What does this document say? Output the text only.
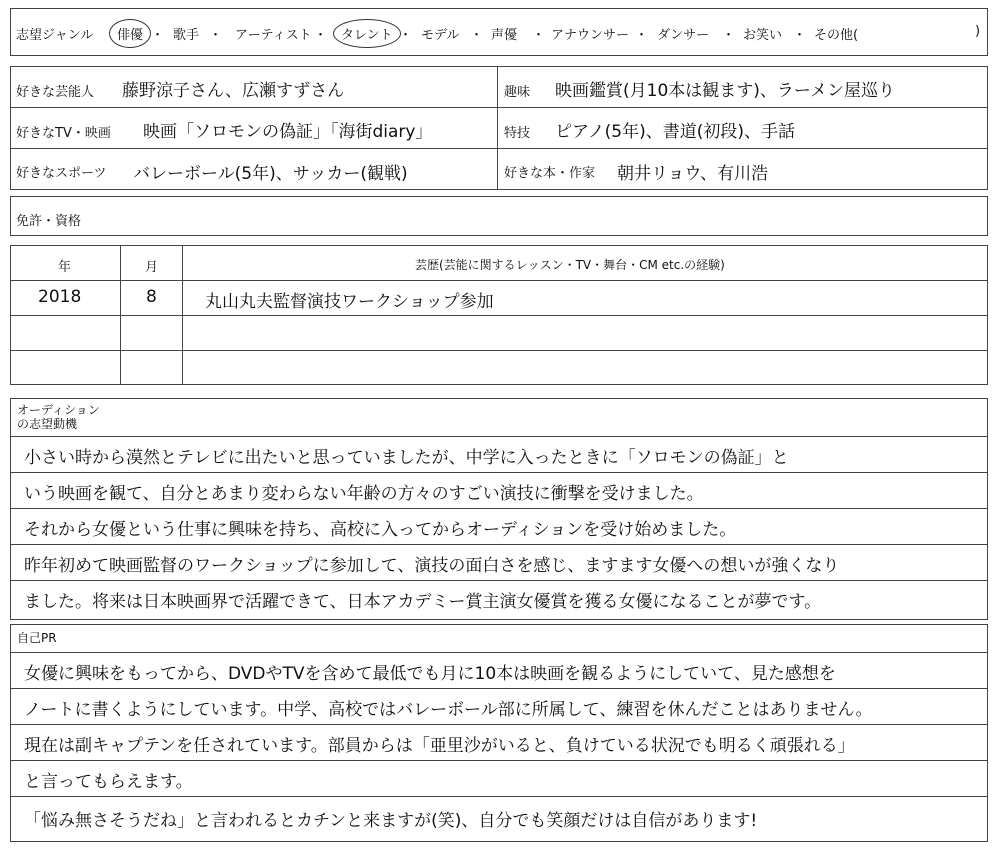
志望ジャンル	俳優 ・ 歌手 ・ アーティスト ・	タレント ・ モデル ・ 声優 ・ アナウンサー ・ ダンサー ・ お笑い ・ その他(	)
好きな芸能人 藤野涼子さん、広瀬すずさん	趣味 映画鑑賞(月10本は観ます)、ラーメン屋巡り
好きなTV・映画 映画「ソロモンの偽証」「海街diary」	特技 ピアノ(5年)、書道(初段)、手話
好きなスポーツ バレーボール(5年)、サッカー(観戦)	好きな本・作家 朝井リョウ、有川浩
免許・資格
年	月	芸歴(芸能に関するレッスン・TV・舞台・CM etc.の経験)
2018	8	丸山丸夫監督演技ワークショップ参加
オーディション
の志望動機
小さい時から漠然とテレビに出たいと思っていましたが、中学に入ったときに「ソロモンの偽証」と
いう映画を観て、自分とあまり変わらない年齢の方々のすごい演技に衝撃を受けました。
それから女優という仕事に興味を持ち、高校に入ってからオーディションを受け始めました。
昨年初めて映画監督のワークショップに参加して、演技の面白さを感じ、ますます女優への想いが強くなり
ました。将来は日本映画界で活躍できて、日本アカデミー賞主演女優賞を獲る女優になることが夢です。
自己PR
女優に興味をもってから、DVDやTVを含めて最低でも月に10本は映画を観るようにしていて、見た感想を
ノートに書くようにしています。中学、高校ではバレーボール部に所属して、練習を休んだことはありません。
現在は副キャプテンを任されています。部員からは「亜里沙がいると、負けている状況でも明るく頑張れる」
と言ってもらえます。
「悩み無さそうだね」と言われるとカチンと来ますが(笑)、自分でも笑顔だけは自信があります!
